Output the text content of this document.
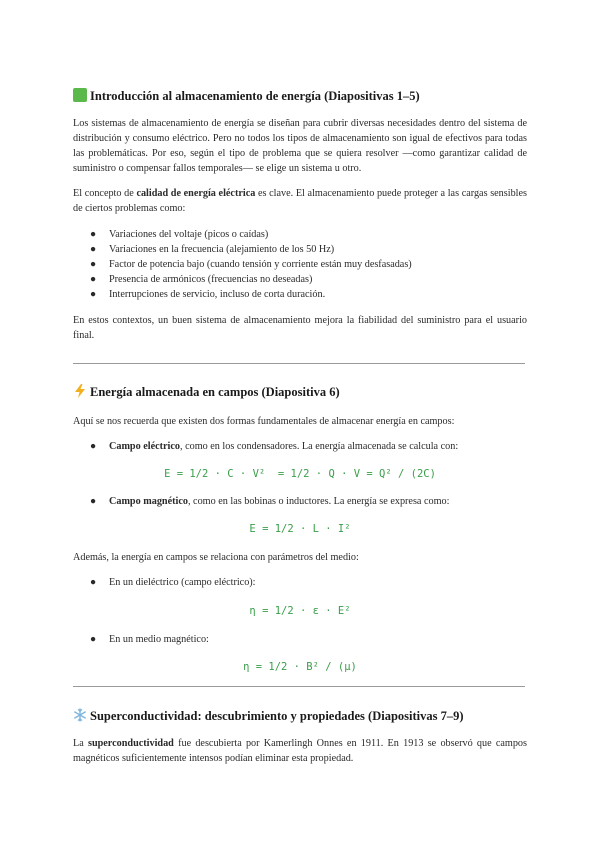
Introducción al almacenamiento de energía (Diapositivas 1–5)
Los sistemas de almacenamiento de energía se diseñan para cubrir diversas necesidades dentro del sistema de distribución y consumo eléctrico. Pero no todos los tipos de almacenamiento son igual de efectivos para todas las problemáticas. Por eso, según el tipo de problema que se quiera resolver —como garantizar calidad de suministro o compensar fallos temporales— se elige un sistema u otro.
El concepto de calidad de energía eléctrica es clave. El almacenamiento puede proteger a las cargas sensibles de ciertos problemas como:
● Variaciones del voltaje (picos o caídas)
● Variaciones en la frecuencia (alejamiento de los 50 Hz)
● Factor de potencia bajo (cuando tensión y corriente están muy desfasadas)
● Presencia de armónicos (frecuencias no deseadas)
● Interrupciones de servicio, incluso de corta duración.
En estos contextos, un buen sistema de almacenamiento mejora la fiabilidad del suministro para el usuario final.
Energía almacenada en campos (Diapositiva 6)
Aquí se nos recuerda que existen dos formas fundamentales de almacenar energía en campos:
● Campo eléctrico, como en los condensadores. La energía almacenada se calcula con:
E = 1/2 · C · V²  = 1/2 · Q · V = Q² / (2C)
● Campo magnético, como en las bobinas o inductores. La energía se expresa como:
E = 1/2 · L · I²
Además, la energía en campos se relaciona con parámetros del medio:
● En un dieléctrico (campo eléctrico):
η = 1/2 · ε · E²
● En un medio magnético:
η = 1/2 · B² / (μ)
Superconductividad: descubrimiento y propiedades (Diapositivas 7–9)
La superconductividad fue descubierta por Kamerlingh Onnes en 1911. En 1913 se observó que campos magnéticos suficientemente intensos podían eliminar esta propiedad.
